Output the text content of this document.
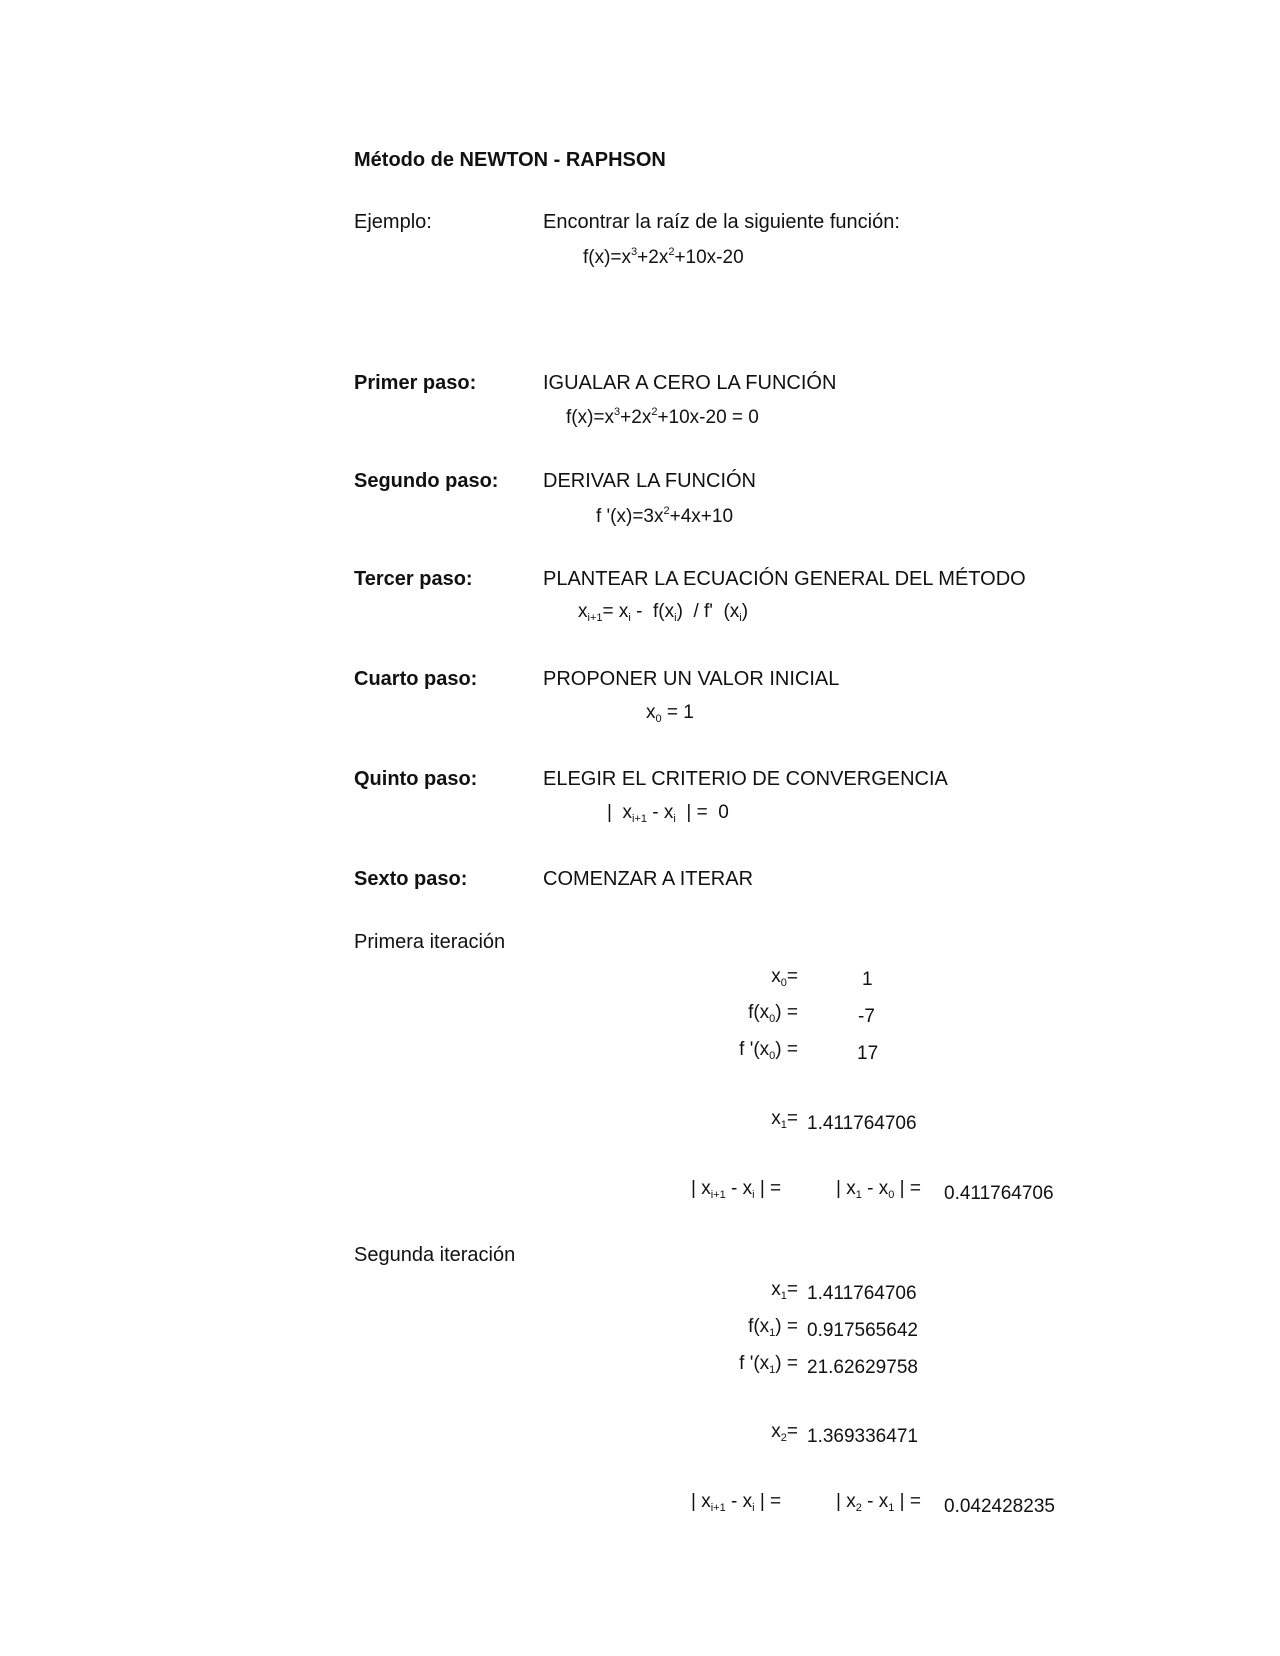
Método de NEWTON - RAPHSON
Ejemplo:	Encontrar la raíz de la siguiente función:
$f(x)=x^3+2x^2+10x-20$
Primer paso:	IGUALAR A CERO LA FUNCIÓN
$f(x)=x^3+2x^2+10x-20 = 0$
Segundo paso: DERIVAR LA FUNCIÓN
f '$(x)=3x^2+4x+10$
Tercer paso:	PLANTEAR LA ECUACIÓN GENERAL DEL MÉTODO
$x_{i+1}= x_i - f(x_i) / f'$  $(x_i)$
Cuarto paso:	PROPONER UN VALOR INICIAL
$x_0 = 1$
Quinto paso:	ELEGIR EL CRITERIO DE CONVERGENCIA
|  $x_{i+1} - x_i$  | =  0
Sexto paso:	COMENZAR A ITERAR
Primera iteración
$x_0=$	1
$f(x_0)$ =	-7
f '$(x_0)$ =	17
$x_1= 1.411764706$
| $x_{i+1} - x_i$ | =	| $x_1 - x_0$ | = 0.411764706
Segunda iteración
$x_1= 1.411764706$
$f(x_1) = 0.917565642$
f '$(x_1) = 21.62629758$
$x_2= 1.369336471$
| $x_{i+1} - x_i$ | =	| $x_2 - x_1$ | = 0.042428235
